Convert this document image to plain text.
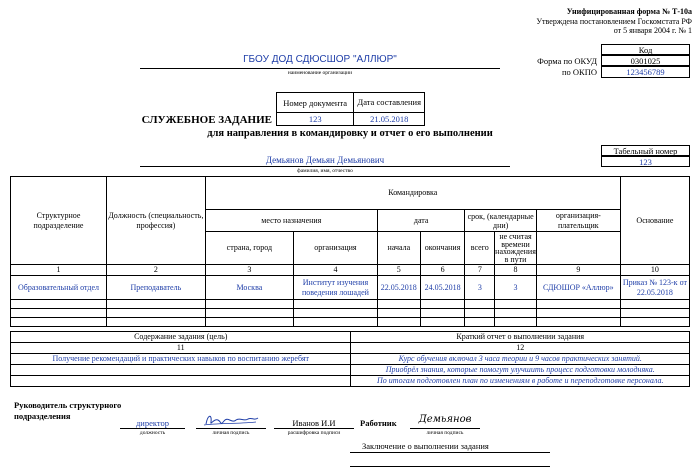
Унифицированная форма № Т-10а
Утверждена постановлением Госкомстата РФ
от 5 января 2004 г. № 1
Код
Форма по ОКУД	0301025
по ОКПО	123456789
ГБОУ ДОД СДЮСШОР "АЛЛЮР"
наименование организации
Номер документа	Дата составления
123	21.05.2018
СЛУЖЕБНОЕ ЗАДАНИЕ
для направления в командировку и отчет о его выполнении
Табельный номер
123
Демьянов Демьян Демьянович
фамилия, имя, отчество
Структурное подразделение	Должность (специальность, профессия)	Командировка							Основание
		место назначения		дата		срок, (календарные дни)		организация-плательщик	
		страна, город	организация	начала	окончания	всего	не считая времени нахождения в пути		
1	2	3	4	5	6	7	8	9	10
Образовательный отдел	Преподаватель	Москва	Институт изучения поведения лошадей	22.05.2018	24.05.2018	3	3	СДЮШОР «Аллюр»	Приказ № 123-к от 22.05.2018

Содержание задания (цель)	Краткий отчет о выполнении задания
11	12
Получение рекомендаций и практических навыков по воспитанию жеребят	Курс обучения включал 3 часа теории и 9 часов практических занятий.
	Приобрёл знания, которые помогут улучшить процесс подготовки молодняка.
	По итогам подготовлен план по изменениям в работе и переподготовке персонала.
Руководитель структурного подразделения
директор
должность	личная подпись
Иванов И.И
расшифровка подписи
Работник	Демьянов
личная подпись
Заключение о выполнении задания
